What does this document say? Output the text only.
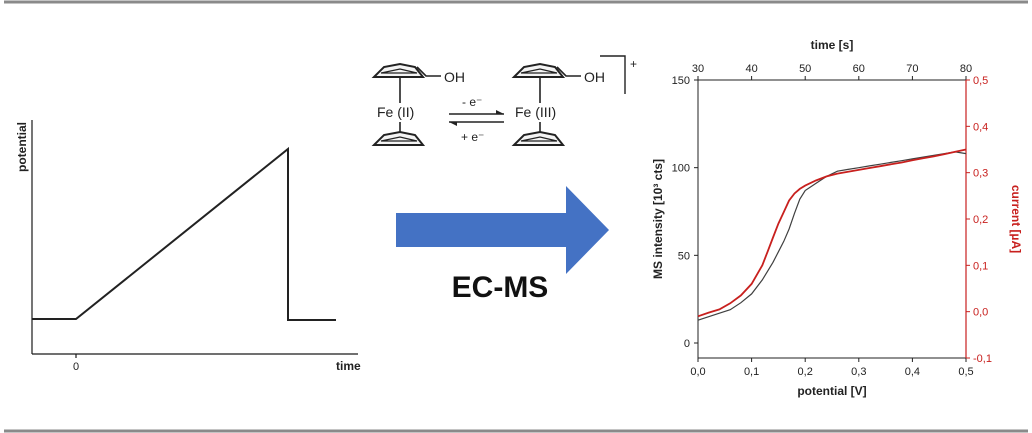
0	time
potential
OH
Fe (II)
- e⁻
+ e⁻
OH
Fe (III)
+
EC-MS
0,0	0,1	0,2	0,3	0,4	0,5
30	40	50	60	70	80
0
50
100
150
-0,1
0,0
0,1
0,2
0,3
0,4
0,5
potential [V]
time [s]
MS intensity [10³ cts]	current [µA]
